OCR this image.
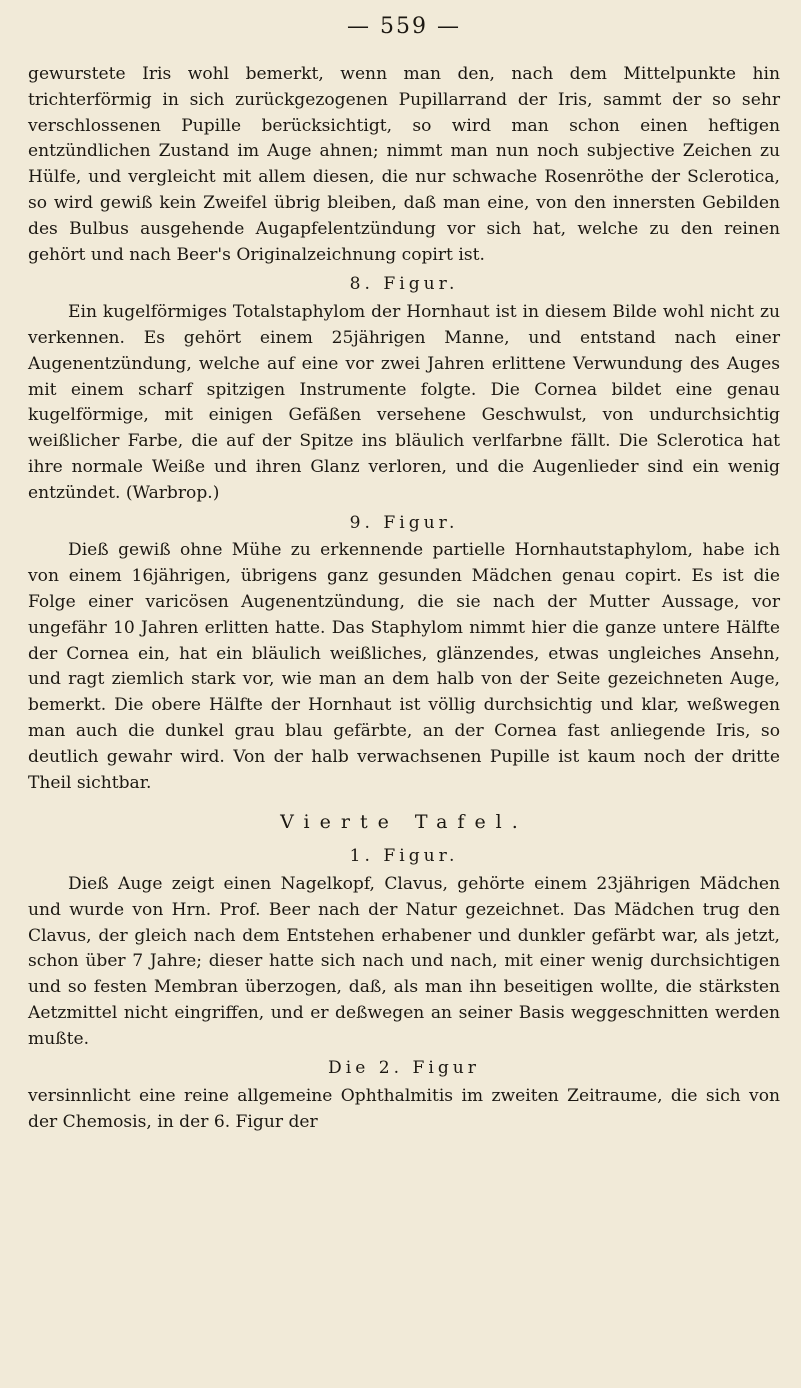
— 559 —

gewurstete Iris wohl bemerkt, wenn man den, nach dem Mittelpunkte hin trichterförmig in sich zurückgezogenen Pupillarrand der Iris, sammt der so sehr verschlossenen Pupille berücksichtigt, so wird man schon einen heftigen entzündlichen Zustand im Auge ahnen; nimmt man nun noch subjective Zeichen zu Hülfe, und vergleicht mit allem diesen, die nur schwache Rosenröthe der Sclerotica, so wird gewiß kein Zweifel übrig bleiben, daß man eine, von den innersten Gebilden des Bulbus ausgehende Augapfelentzündung vor sich hat, welche zu den reinen gehört und nach Beer's Originalzeichnung copirt ist.

8. Figur.

Ein kugelförmiges Totalstaphylom der Hornhaut ist in diesem Bilde wohl nicht zu verkennen. Es gehört einem 25jährigen Manne, und entstand nach einer Augenentzündung, welche auf eine vor zwei Jahren erlittene Verwundung des Auges mit einem scharf spitzigen Instrumente folgte. Die Cornea bildet eine genau kugelförmige, mit einigen Gefäßen versehene Geschwulst, von undurchsichtig weißlicher Farbe, die auf der Spitze ins bläulich verlfarbne fällt. Die Sclerotica hat ihre normale Weiße und ihren Glanz verloren, und die Augenlieder sind ein wenig entzündet. (Warbrop.)

9. Figur.

Dieß gewiß ohne Mühe zu erkennende partielle Hornhautstaphylom, habe ich von einem 16jährigen, übrigens ganz gesunden Mädchen genau copirt. Es ist die Folge einer varicösen Augenentzündung, die sie nach der Mutter Aussage, vor ungefähr 10 Jahren erlitten hatte. Das Staphylom nimmt hier die ganze untere Hälfte der Cornea ein, hat ein bläulich weißliches, glänzendes, etwas ungleiches Ansehn, und ragt ziemlich stark vor, wie man an dem halb von der Seite gezeichneten Auge, bemerkt. Die obere Hälfte der Hornhaut ist völlig durchsichtig und klar, weßwegen man auch die dunkel grau blau gefärbte, an der Cornea fast anliegende Iris, so deutlich gewahr wird. Von der halb verwachsenen Pupille ist kaum noch der dritte Theil sichtbar.

Vierte Tafel.
1. Figur.

Dieß Auge zeigt einen Nagelkopf, Clavus, gehörte einem 23jährigen Mädchen und wurde von Hrn. Prof. Beer nach der Natur gezeichnet. Das Mädchen trug den Clavus, der gleich nach dem Entstehen erhabener und dunkler gefärbt war, als jetzt, schon über 7 Jahre; dieser hatte sich nach und nach, mit einer wenig durchsichtigen und so festen Membran überzogen, daß, als man ihn beseitigen wollte, die stärksten Aetzmittel nicht eingriffen, und er deßwegen an seiner Basis weggeschnitten werden mußte.

Die 2. Figur

versinnlicht eine reine allgemeine Ophthalmitis im zweiten Zeitraume, die sich von der Chemosis, in der 6. Figur der
